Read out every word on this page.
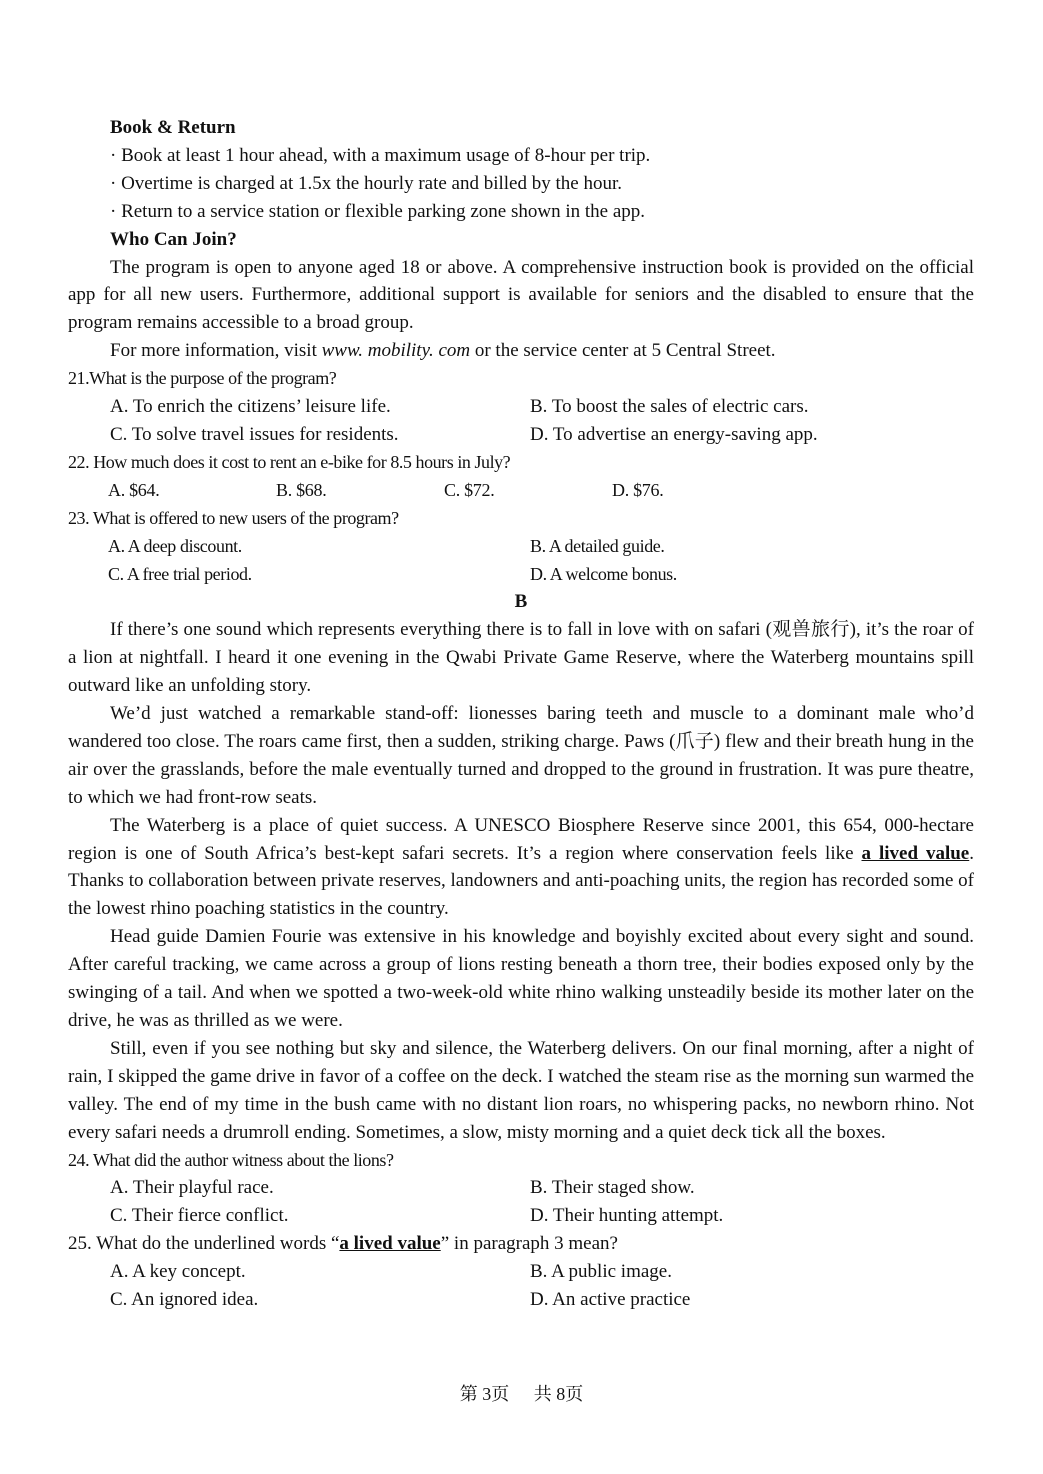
Book & Return
· Book at least 1 hour ahead, with a maximum usage of 8-hour per trip.
· Overtime is charged at 1.5x the hourly rate and billed by the hour.
· Return to a service station or flexible parking zone shown in the app.
Who Can Join?

The program is open to anyone aged 18 or above. A comprehensive instruction book is provided on the official app for all new users. Furthermore, additional support is available for seniors and the disabled to ensure that the program remains accessible to a broad group.

For more information, visit www. mobility. com or the service center at 5 Central Street.
21.What is the purpose of the program?
A. To enrich the citizens’ leisure life.	B. To boost the sales of electric cars.
C. To solve travel issues for residents.	D. To advertise an energy-saving app.
22. How much does it cost to rent an e-bike for 8.5 hours in July?
A. $64.	B. $68.	C. $72.	D. $76.
23. What is offered to new users of the program?
A. A deep discount.	B. A detailed guide.
C. A free trial period.	D. A welcome bonus.
B

If there’s one sound which represents everything there is to fall in love with on safari (观兽旅行), it’s the roar of a lion at nightfall. I heard it one evening in the Qwabi Private Game Reserve, where the Waterberg mountains spill outward like an unfolding story.

We’d just watched a remarkable stand-off: lionesses baring teeth and muscle to a dominant male who’d wandered too close. The roars came first, then a sudden, striking charge. Paws (爪子) flew and their breath hung in the air over the grasslands, before the male eventually turned and dropped to the ground in frustration. It was pure theatre, to which we had front-row seats.

The Waterberg is a place of quiet success. A UNESCO Biosphere Reserve since 2001, this 654, 000-hectare region is one of South Africa’s best-kept safari secrets. It’s a region where conservation feels like a lived value. Thanks to collaboration between private reserves, landowners and anti-poaching units, the region has recorded some of the lowest rhino poaching statistics in the country.

Head guide Damien Fourie was extensive in his knowledge and boyishly excited about every sight and sound. After careful tracking, we came across a group of lions resting beneath a thorn tree, their bodies exposed only by the swinging of a tail. And when we spotted a two-week-old white rhino walking unsteadily beside its mother later on the drive, he was as thrilled as we were.

Still, even if you see nothing but sky and silence, the Waterberg delivers. On our final morning, after a night of rain, I skipped the game drive in favor of a coffee on the deck. I watched the steam rise as the morning sun warmed the valley. The end of my time in the bush came with no distant lion roars, no whispering packs, no newborn rhino. Not every safari needs a drumroll ending. Sometimes, a slow, misty morning and a quiet deck tick all the boxes.

24. What did the author witness about the lions?
A. Their playful race.	B. Their staged show.
C. Their fierce conflict.	D. Their hunting attempt.
25. What do the underlined words “a lived value” in paragraph 3 mean?
A. A key concept.	B. A public image.
C. An ignored idea.	D. An active practice
第 3页 共 8页
